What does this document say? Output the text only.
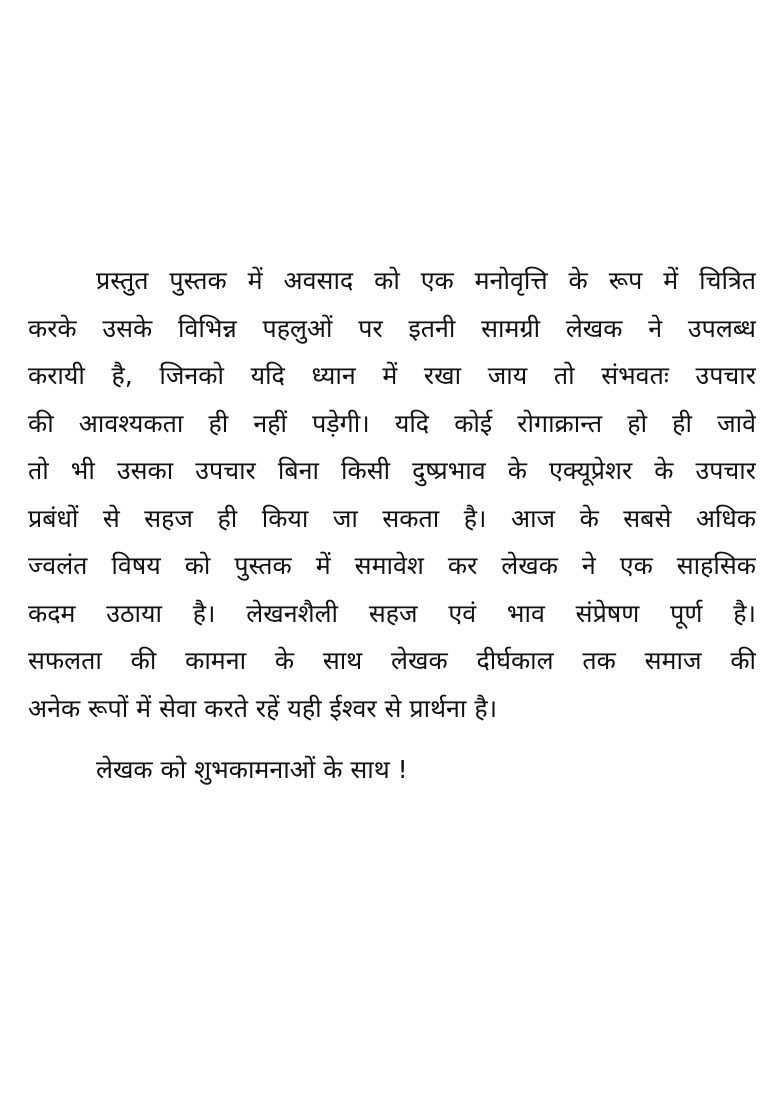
प्रस्तुत पुस्तक में अवसाद को एक मनोवृत्ति के रूप में चित्रित
करके उसके विभिन्न पहलुओं पर इतनी सामग्री लेखक ने उपलब्ध
करायी है, जिनको यदि ध्यान में रखा जाय तो संभवतः उपचार
की आवश्यकता ही नहीं पड़ेगी। यदि कोई रोगाक्रान्त हो ही जावे
तो भी उसका उपचार बिना किसी दुष्प्रभाव के एक्यूप्रेशर के उपचार
प्रबंधों से सहज ही किया जा सकता है। आज के सबसे अधिक
ज्वलंत विषय को पुस्तक में समावेश कर लेखक ने एक साहसिक
कदम उठाया है। लेखनशैली सहज एवं भाव संप्रेषण पूर्ण है।
सफलता की कामना के साथ लेखक दीर्घकाल तक समाज की
अनेक रूपों में सेवा करते रहें यही ईश्वर से प्रार्थना है।
लेखक को शुभकामनाओं के साथ !
